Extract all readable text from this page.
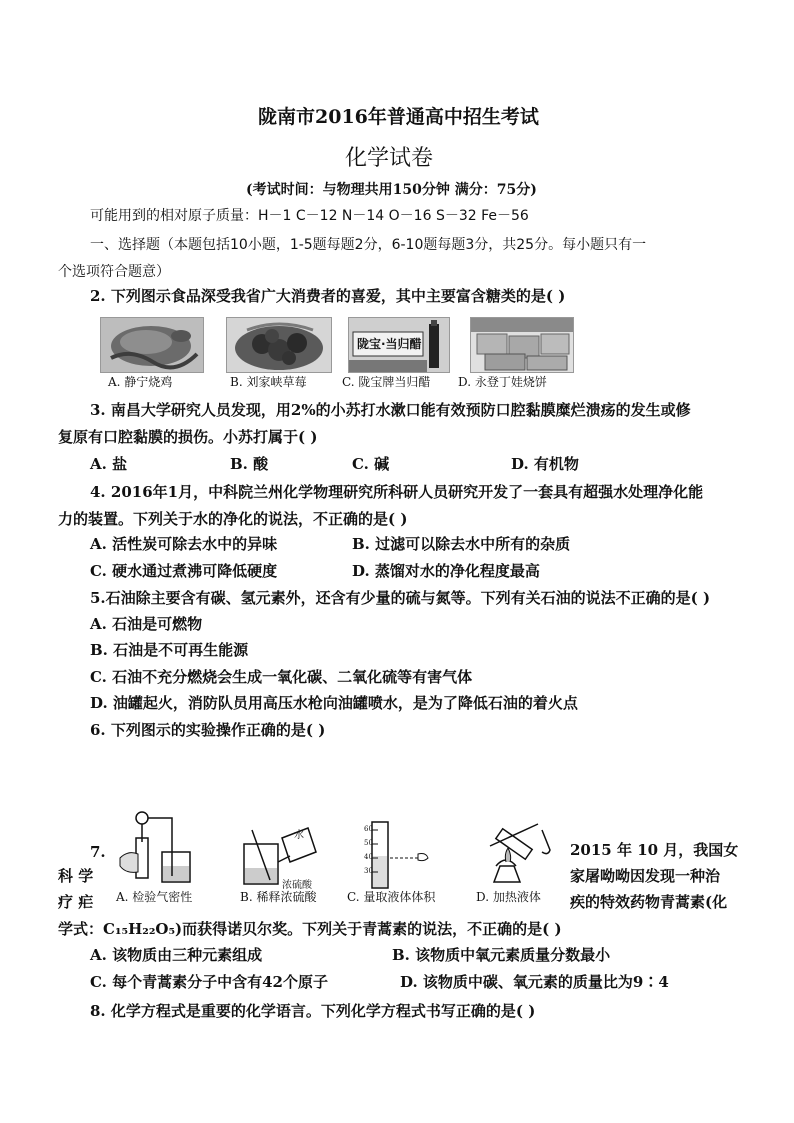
陇南市2016年普通高中招生考试
化学试卷
(考试时间：与物理共用150分钟 满分：75分)
可能用到的相对原子质量：H－1 C－12 N－14 O－16 S－32 Fe－56
一、选择题（本题包括10小题，1-5题每题2分，6-10题每题3分，共25分。每小题只有一
个选项符合题意）
2. 下列图示食品深受我省广大消费者的喜爱，其中主要富含糖类的是( )
陇宝·当归醋
A. 静宁烧鸡	B. 刘家峡草莓	C. 陇宝牌当归醋 D. 永登丁娃烧饼
3. 南昌大学研究人员发现，用2%的小苏打水漱口能有效预防口腔黏膜糜烂溃疡的发生或修
复原有口腔黏膜的损伤。小苏打属于( )
A. 盐	B. 酸	C. 碱	D. 有机物
4. 2016年1月，中科院兰州化学物理研究所科研人员研究开发了一套具有超强水处理净化能
力的装置。下列关于水的净化的说法，不正确的是( )
A. 活性炭可除去水中的异味	B. 过滤可以除去水中所有的杂质
C. 硬水通过煮沸可降低硬度	D. 蒸馏对水的净化程度最高
5.石油除主要含有碳、氢元素外，还含有少量的硫与氮等。下列有关石油的说法不正确的是( )
A. 石油是可燃物
B. 石油是不可再生能源
C. 石油不充分燃烧会生成一氧化碳、二氧化硫等有害气体
D. 油罐起火，消防队员用高压水枪向油罐喷水，是为了降低石油的着火点
6. 下列图示的实验操作正确的是( )
水
浓硫酸
60
50
40
30
A. 检验气密性	B. 稀释浓硫酸	C. 量取液体体积	D. 加热液体
7.
科 学
疗 疟
2015 年 10 月，我国女
家屠呦呦因发现一种治
疾的特效药物青蒿素(化
学式：C₁₅H₂₂O₅)而获得诺贝尔奖。下列关于青蒿素的说法，不正确的是( )
A. 该物质由三种元素组成	B. 该物质中氧元素质量分数最小
C. 每个青蒿素分子中含有42个原子	D. 该物质中碳、氧元素的质量比为9∶4
8. 化学方程式是重要的化学语言。下列化学方程式书写正确的是( )
